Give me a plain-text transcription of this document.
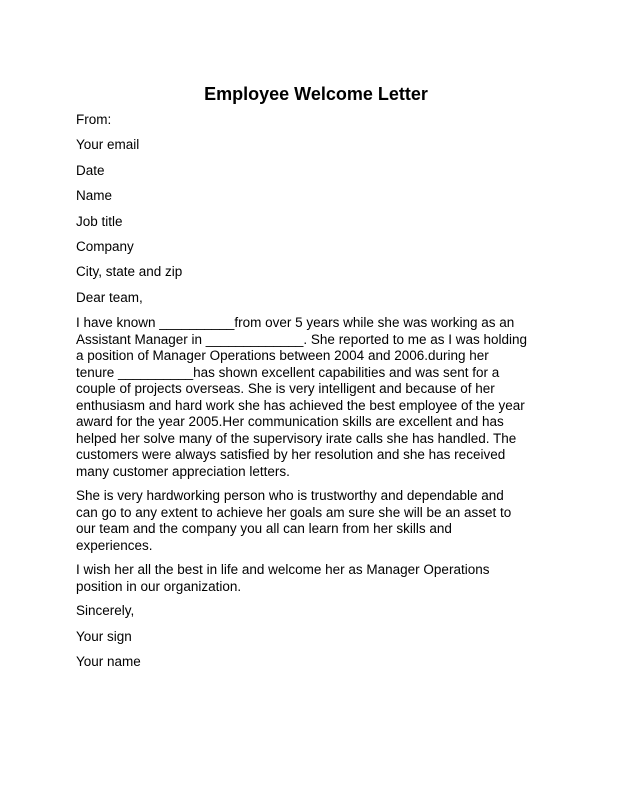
Employee Welcome Letter
From:
Your email
Date
Name
Job title
Company
City, state and zip
Dear team,
I have known __________from over 5 years while she was working as an
Assistant Manager in _____________. She reported to me as I was holding
a position of Manager Operations between 2004 and 2006.during her
tenure __________has shown excellent capabilities and was sent for a
couple of projects overseas. She is very intelligent and because of her
enthusiasm and hard work she has achieved the best employee of the year
award for the year 2005.Her communication skills are excellent and has
helped her solve many of the supervisory irate calls she has handled. The
customers were always satisfied by her resolution and she has received
many customer appreciation letters.
She is very hardworking person who is trustworthy and dependable and
can go to any extent to achieve her goals am sure she will be an asset to
our team and the company you all can learn from her skills and
experiences.
I wish her all the best in life and welcome her as Manager Operations
position in our organization.
Sincerely,
Your sign
Your name
